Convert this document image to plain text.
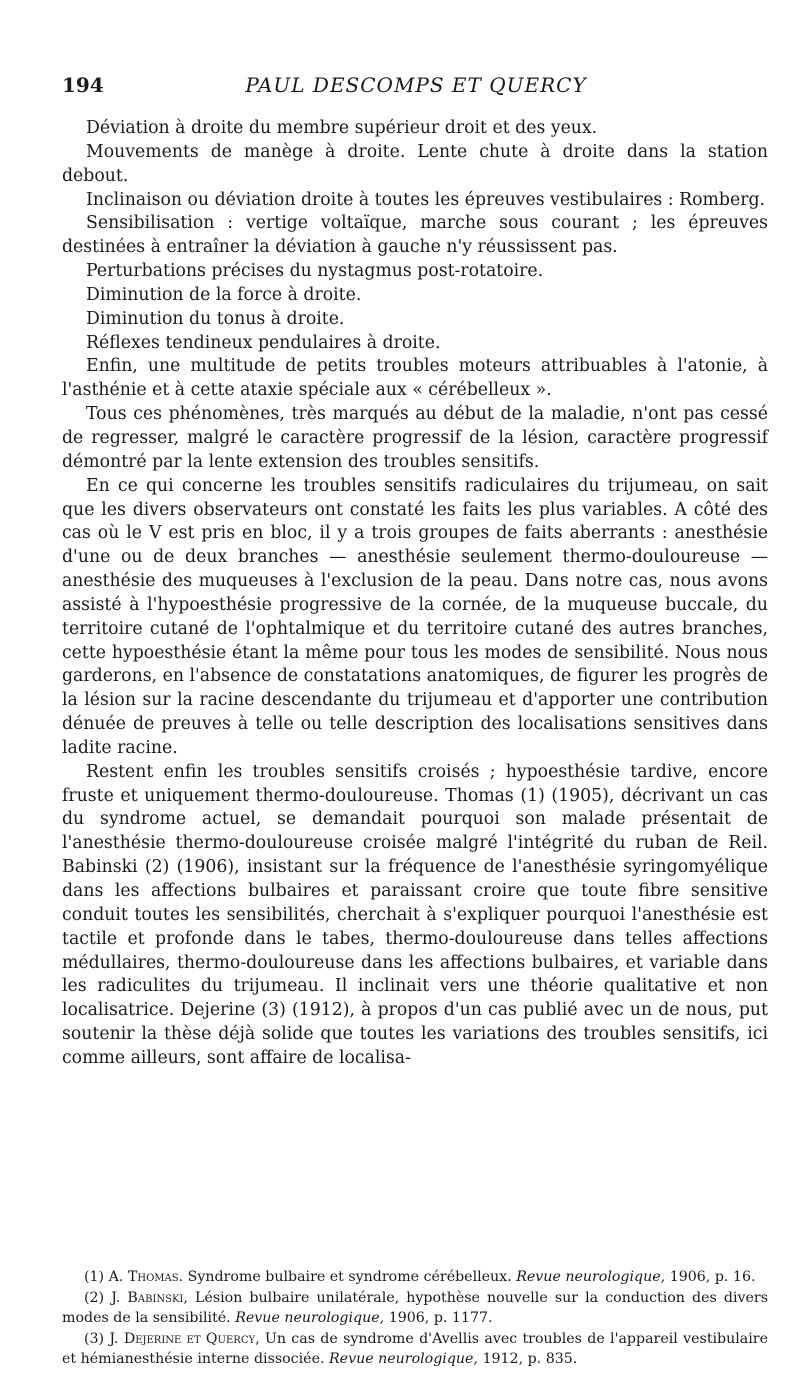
194	PAUL DESCOMPS ET QUERCY

Déviation à droite du membre supérieur droit et des yeux.

Mouvements de manège à droite. Lente chute à droite dans la station debout.

Inclinaison ou déviation droite à toutes les épreuves vestibulaires : Romberg.

Sensibilisation : vertige voltaïque, marche sous courant ; les épreuves destinées à entraîner la déviation à gauche n'y réussissent pas.

Perturbations précises du nystagmus post-rotatoire.

Diminution de la force à droite.

Diminution du tonus à droite.

Réflexes tendineux pendulaires à droite.

Enfin, une multitude de petits troubles moteurs attribuables à l'atonie, à l'asthénie et à cette ataxie spéciale aux « cérébelleux ».

Tous ces phénomènes, très marqués au début de la maladie, n'ont pas cessé de regresser, malgré le caractère progressif de la lésion, caractère progressif démontré par la lente extension des troubles sensitifs.

En ce qui concerne les troubles sensitifs radiculaires du trijumeau, on sait que les divers observateurs ont constaté les faits les plus variables. A côté des cas où le V est pris en bloc, il y a trois groupes de faits aberrants : anesthésie d'une ou de deux branches — anesthésie seulement thermo-douloureuse — anesthésie des muqueuses à l'exclusion de la peau. Dans notre cas, nous avons assisté à l'hypoesthésie progressive de la cornée, de la muqueuse buccale, du territoire cutané de l'ophtalmique et du territoire cutané des autres branches, cette hypoesthésie étant la même pour tous les modes de sensibilité. Nous nous garderons, en l'absence de constatations anatomiques, de figurer les progrès de la lésion sur la racine descendante du trijumeau et d'apporter une contribution dénuée de preuves à telle ou telle description des localisations sensitives dans ladite racine.

Restent enfin les troubles sensitifs croisés ; hypoesthésie tardive, encore fruste et uniquement thermo-douloureuse. Thomas (1) (1905), décrivant un cas du syndrome actuel, se demandait pourquoi son malade présentait de l'anesthésie thermo-douloureuse croisée malgré l'intégrité du ruban de Reil. Babinski (2) (1906), insistant sur la fréquence de l'anesthésie syringomyélique dans les affections bulbaires et paraissant croire que toute fibre sensitive conduit toutes les sensibilités, cherchait à s'expliquer pourquoi l'anesthésie est tactile et profonde dans le tabes, thermo-douloureuse dans telles affections médullaires, thermo-douloureuse dans les affections bulbaires, et variable dans les radiculites du trijumeau. Il inclinait vers une théorie qualitative et non localisatrice. Dejerine (3) (1912), à propos d'un cas publié avec un de nous, put soutenir la thèse déjà solide que toutes les variations des troubles sensitifs, ici comme ailleurs, sont affaire de localisa-

(1) A. Thomas. Syndrome bulbaire et syndrome cérébelleux. Revue neurologique, 1906, p. 16.

(2) J. Babinski, Lésion bulbaire unilatérale, hypothèse nouvelle sur la conduction des divers modes de la sensibilité. Revue neurologique, 1906, p. 1177.

(3) J. Dejerine et Quercy, Un cas de syndrome d'Avellis avec troubles de l'appareil vestibulaire et hémianesthésie interne dissociée. Revue neurologique, 1912, p. 835.
